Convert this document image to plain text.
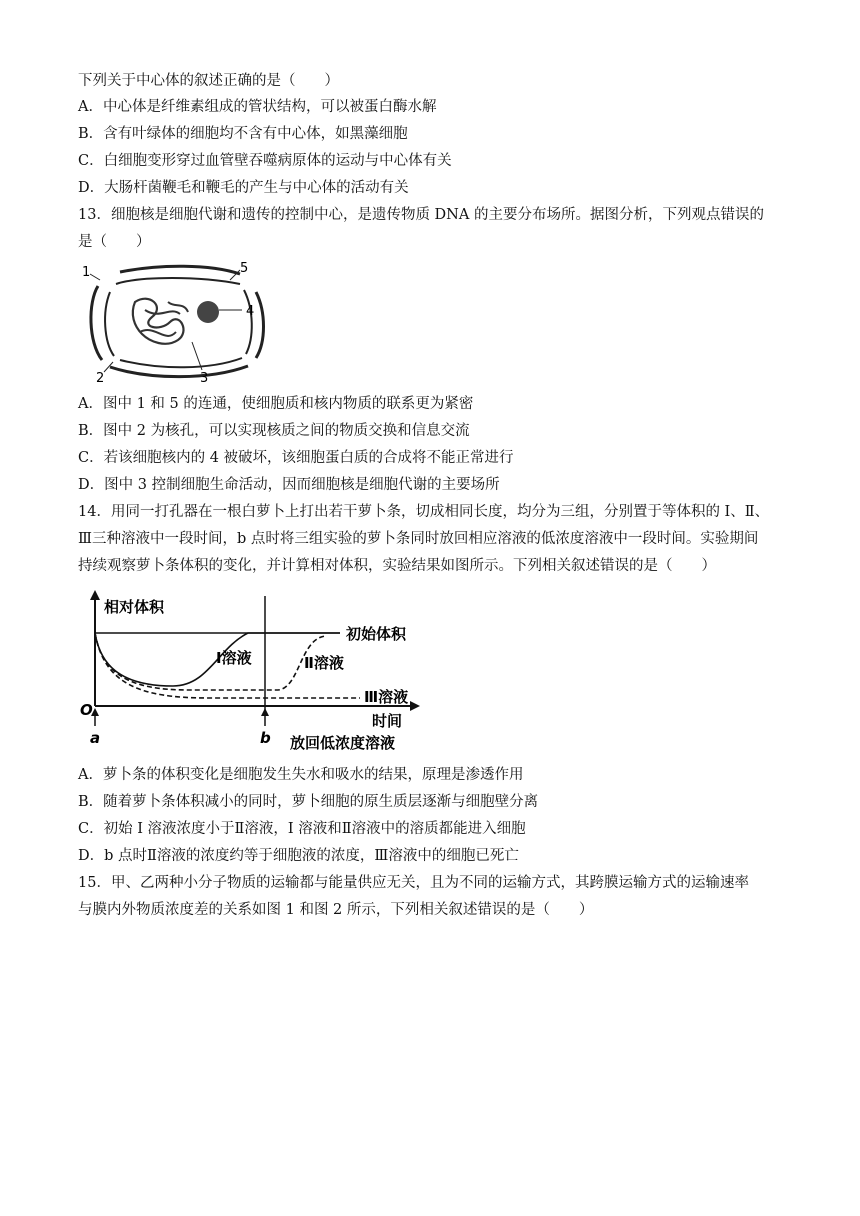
下列关于中心体的叙述正确的是（　　）
A．中心体是纤维素组成的管状结构，可以被蛋白酶水解
B．含有叶绿体的细胞均不含有中心体，如黑藻细胞
C．白细胞变形穿过血管壁吞噬病原体的运动与中心体有关
D．大肠杆菌鞭毛和鞭毛的产生与中心体的活动有关
13．细胞核是细胞代谢和遗传的控制中心，是遗传物质 DNA 的主要分布场所。据图分析，下列观点错误的
是（　　）
1
2	3
4
5
A．图中 1 和 5 的连通，使细胞质和核内物质的联系更为紧密
B．图中 2 为核孔，可以实现核质之间的物质交换和信息交流
C．若该细胞核内的 4 被破坏，该细胞蛋白质的合成将不能正常进行
D．图中 3 控制细胞生命活动，因而细胞核是细胞代谢的主要场所
14．用同一打孔器在一根白萝卜上打出若干萝卜条，切成相同长度，均分为三组，分别置于等体积的 I、Ⅱ、
Ⅲ三种溶液中一段时间，b 点时将三组实验的萝卜条同时放回相应溶液的低浓度溶液中一段时间。实验期间
持续观察萝卜条体积的变化，并计算相对体积，实验结果如图所示。下列相关叙述错误的是（　　）
相对体积
时间
O
a	b 放回低浓度溶液
初始体积
I溶液	Ⅱ溶液
Ⅲ溶液
A．萝卜条的体积变化是细胞发生失水和吸水的结果，原理是渗透作用
B．随着萝卜条体积减小的同时，萝卜细胞的原生质层逐渐与细胞壁分离
C．初始 I 溶液浓度小于Ⅱ溶液，I 溶液和Ⅱ溶液中的溶质都能进入细胞
D．b 点时Ⅱ溶液的浓度约等于细胞液的浓度，Ⅲ溶液中的细胞已死亡
15．甲、乙两种小分子物质的运输都与能量供应无关，且为不同的运输方式，其跨膜运输方式的运输速率
与膜内外物质浓度差的关系如图 1 和图 2 所示，下列相关叙述错误的是（　　）
